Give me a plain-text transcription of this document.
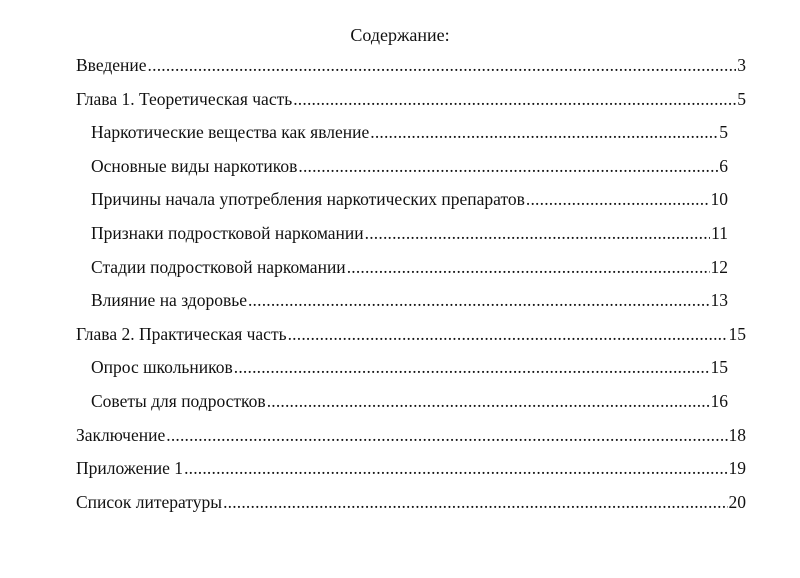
Содержание:
Введение .....	3
Глава 1. Теоретическая часть .....	5
Наркотические вещества как явление .....	5
Основные виды наркотиков .....	6
Причины начала употребления наркотических препаратов .....	10
Признаки подростковой наркомании .....	11
Стадии подростковой наркомании .....	12
Влияние на здоровье .....	13
Глава 2. Практическая часть .....	15
Опрос школьников .....	15
Советы для подростков .....	16
Заключение .....	18
Приложение 1 .....	19
Список литературы .....	20
